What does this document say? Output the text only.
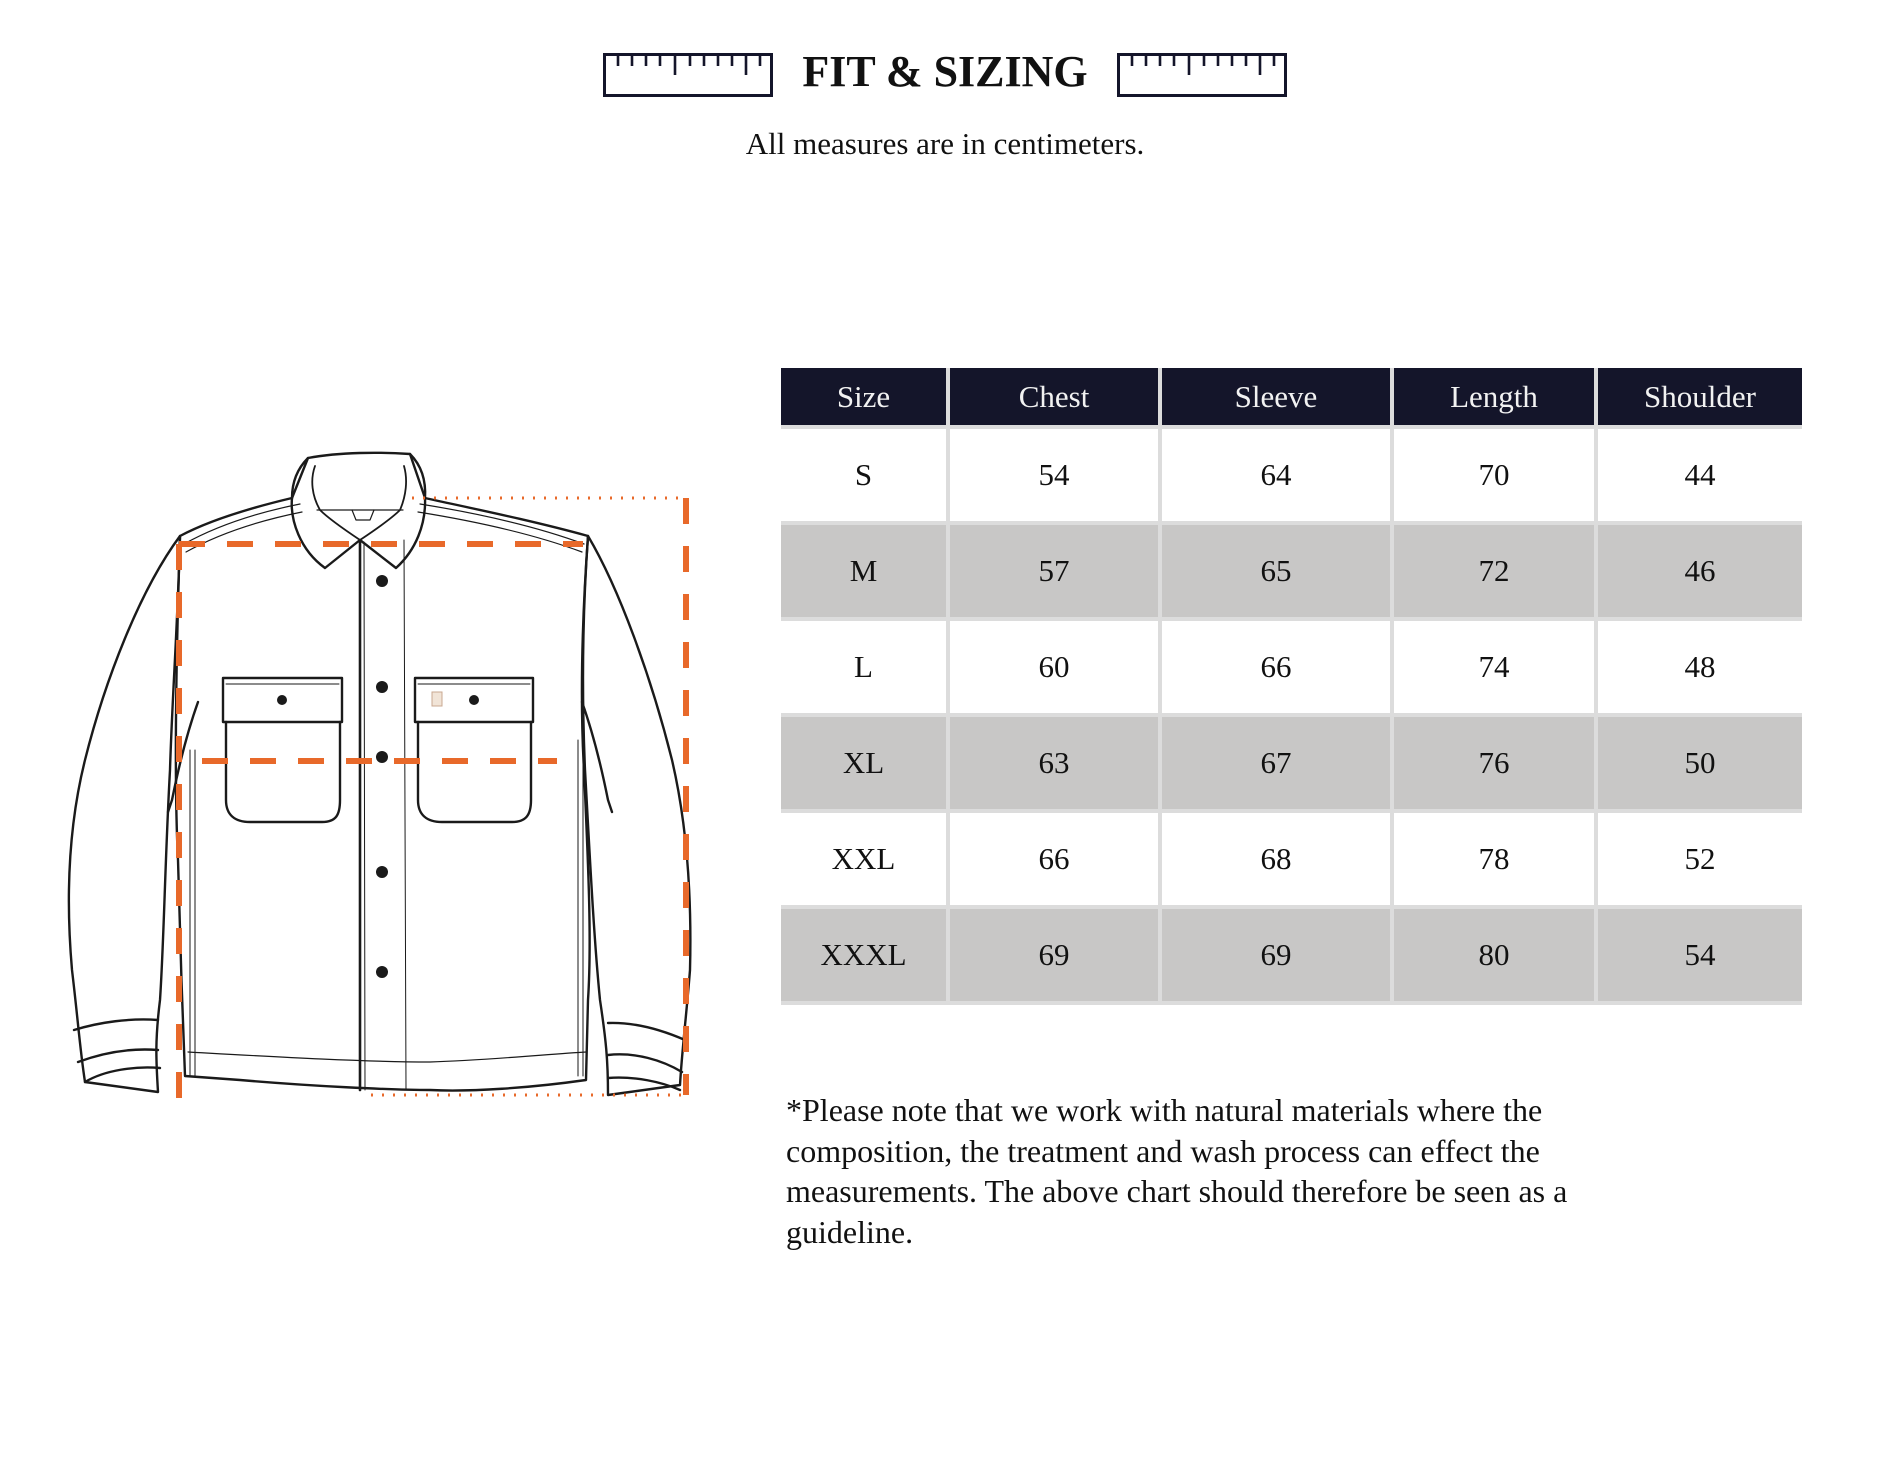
FIT & SIZING
All measures are in centimeters.
Size	Chest	Sleeve	Length	Shoulder
S	54	64	70	44
M	57	65	72	46
L	60	66	74	48
XL	63	67	76	50
XXL	66	68	78	52
XXXL	69	69	80	54
*Please note that we work with natural materials where the
composition, the treatment and wash process can effect the
measurements. The above chart should therefore be seen as a
guideline.
